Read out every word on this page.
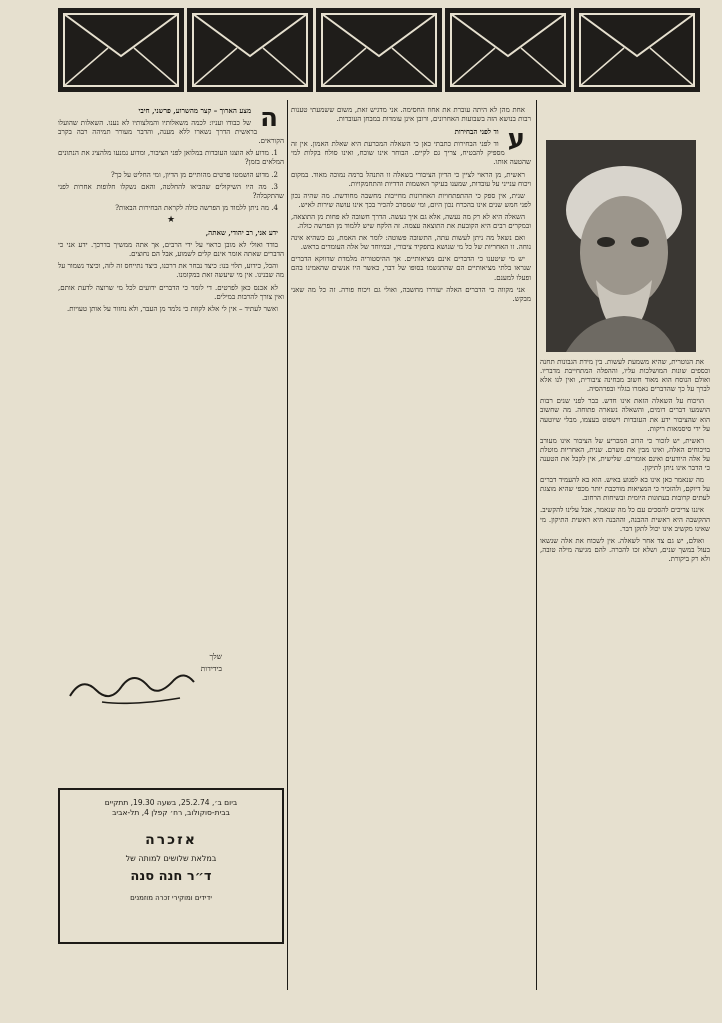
את הנוטרית, שהיא משמעת לעשות. בין מידת הגבונות תחנה וכספים שונות המושלכות עליו, וההפלה המתחייבת מדבריו. ואולם הנוסח הוא מאוד חשוב מבחינה ציבורית, ואין לנו אלא לברך על כך שהדברים נאמרו בגלוי ובפרהסיה.

הויכוח על השאלה הזאת אינו חדש. כבר לפני שנים רבות הושמעו דברים דומים, והשאלה נשארה פתוחה. מה שחשוב הוא שהציבור ידע את העובדות וישפוט בעצמו, מבלי שיוטעה על ידי סיסמאות ריקות.

ראשית, יש לזכור כי הרוב המכריע של הציבור אינו מעורב בויכוחים האלה, ואינו מבין את פשרם. שנית, האחריות מוטלת על אלה היודעים ואינם אומרים. שלישית, אין לקבל את הטענה כי הדבר אינו ניתן לתיקון.

מה שנאמר כאן אינו בא לפגוע באיש. הוא בא להעמיד דברים על דיוקם, ולהזכיר כי המציאות מורכבת יותר מכפי שהיא מוצגת לעתים קרובות בעתונות היומית ובשיחות הרחוב.

איננו צריכים להסכים עם כל מה שנאמר, אבל עלינו להקשיב. ההקשבה היא ראשית ההבנה, וההבנה היא ראשית התיקון. מי שאינו מקשיב אינו יכול לתקן דבר.

ואולם, יש גם צד אחר לשאלה. אין לשכוח את אלה שנשאו בעול במשך שנים, ושלא זכו להכרה. להם מגיעה מילה טובה, ולא רק ביקורת.

אחת מהן לא היתה עוברת את אחוז החסימה. אני מדגיש זאת, משום ששמעתי טענות רבות בנושא הזה בשבועות האחרונים, ורובן אינן עומדות במבחן העובדות.

ע
וד לפני הבחירות

וד לפני הבחירות כתבתי כאן כי השאלה המכרעת היא שאלת האמון. אין זה מספיק להבטיח, צריך גם לקיים. הבוחר אינו שוכח, ואינו סולח בקלות למי שהטעה אותו.

ראשית, מן הראוי לציין כי הדיון הציבורי בשאלה זו התנהל ברמה נמוכה מאוד. במקום ויכוח ענייני על עובדות, שמענו בעיקר האשמות הדדיות והתחמקויות.

שנית, אין ספק כי ההתפתחויות האחרונות מחייבות מחשבה מחודשת. מה שהיה נכון לפני חמש שנים אינו בהכרח נכון היום, ומי שמסרב להכיר בכך אינו עושה שירות לאיש.

השאלה היא לא רק מה נעשה, אלא גם איך נעשה. הדרך חשובה לא פחות מן התוצאה, ובמקרים רבים היא הקובעת את התוצאה עצמה. זה הלקח שיש ללמוד מן הפרשה כולה.

ואם נשאל מה ניתן לעשות עתה, התשובה פשוטה: לומר את האמת, גם כשהיא אינה נוחה. זו האחריות של כל מי שנושא בתפקיד ציבורי, ובמיוחד של אלה העומדים בראש.

יש מי שיטענו כי הדברים אינם מציאותיים. אך ההיסטוריה מלמדת שדווקא הדברים שנראו בלתי מציאותיים הם שהתגשמו בסופו של דבר, כאשר היו אנשים שהאמינו בהם ופעלו למענם.

אני מקווה כי הדברים האלה יעוררו מחשבה, ואולי גם ויכוח פורה. זה כל מה שאני מבקש.

ה
מצע הארוך – קצר מהשרוע, פרשני, חיבי

של כבודו ועניו: לכמה משאלותיו והמלצותיו לא נענו. השאלות שהועלו בראשית הדרך נשארו ללא מענה, והדבר מעורר תמיהה רבה בקרב הקוראים.

1. מדוע לא הוצגו העובדות במלואן לפני הציבור, ומדוע נמנעו מלהציג את הנתונים המלאים בזמן?

2. מדוע הושמטו פרטים מהותיים מן הדיון, ומי החליט על כך?

3. מה היו השיקולים שהביאו להחלטה, והאם נשקלו חלופות אחרות לפני שהתקבלה?

4. מה ניתן ללמוד מן הפרשה כולה לקראת הבחירות הבאות?

★

ידע אני, רב יהודי, שאתה,

בודד ואולי לא מובן כראוי על ידי הרבים, אך אתה ממשיך בדרכך. ידע אני כי הדברים שאתה אומר אינם קלים לשמוע, אבל הם נחוצים.

והכל, כידוע, תלוי בנו: כיצד נבחר את דרכנו, כיצד נתייחס זה לזה, וכיצד נשמור על מה שבנינו. אין מי שיעשה זאת במקומנו.

לא אכנס כאן לפרטים. די לומר כי הדברים ידועים לכל מי שרוצה לדעת אותם, ואין צורך להרבות במילים.

ואשר לעתיד – אין לי אלא לקוות כי נלמד מן העבר, ולא נחזור על אותן טעויות.

שלך
בידידות
ביום ב׳, 25.2.74, בשעה 19.30, תתקיים
בבית-סוקולוב, רח׳ קפלן 4, תל-אביב
אזכרה
במלאת שלושים למותה של
ד״ר חנה סנה
ידידים ומוקירי זכרה מוזמנים
